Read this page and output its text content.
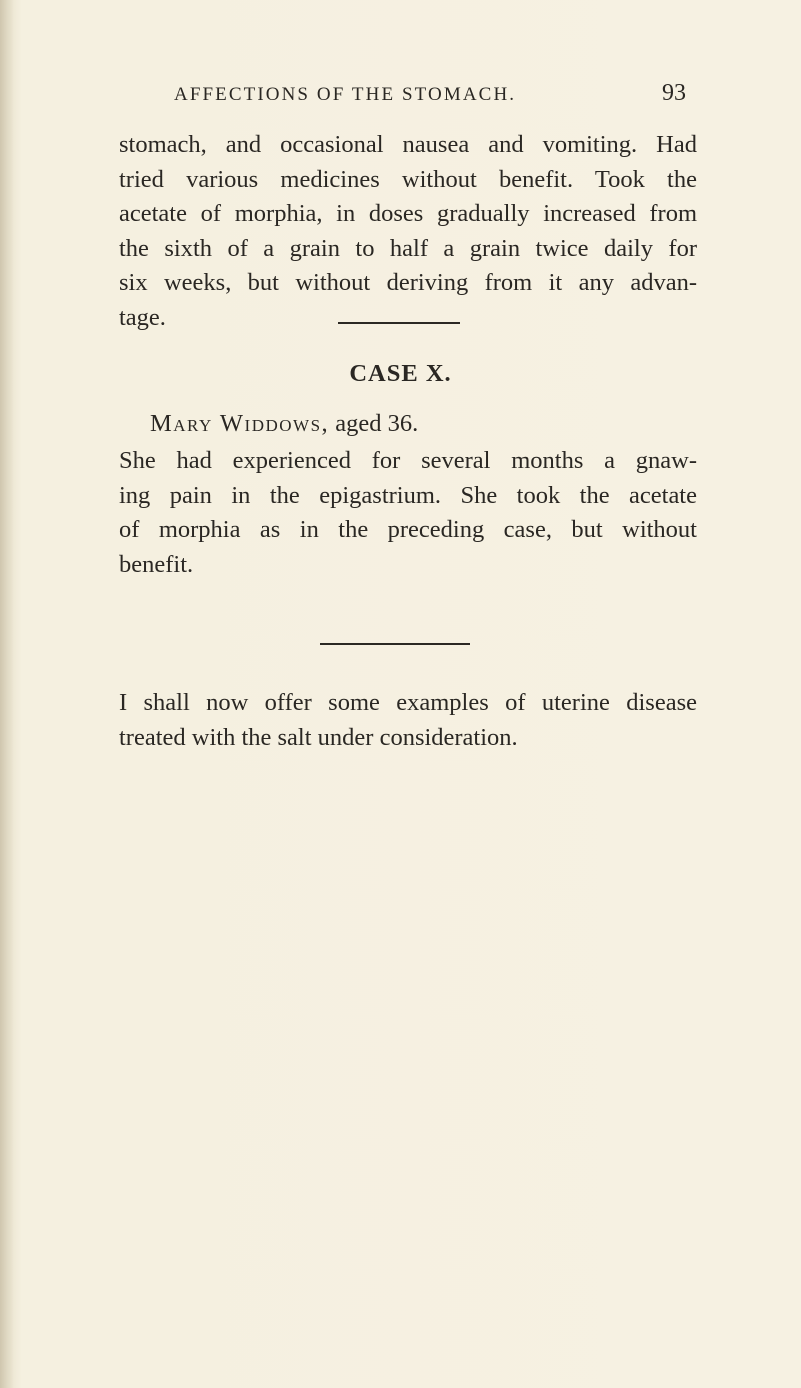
AFFECTIONS OF THE STOMACH.	93
stomach, and occasional nausea and vomiting. Had
tried various medicines without benefit. Took the
acetate of morphia, in doses gradually increased from
the sixth of a grain to half a grain twice daily for
six weeks, but without deriving from it any advan-
tage.
CASE X.

Mary Widdows, aged 36.

She had experienced for several months a gnaw-
ing pain in the epigastrium. She took the acetate
of morphia as in the preceding case, but without
benefit.
I shall now offer some examples of uterine disease
treated with the salt under consideration.
